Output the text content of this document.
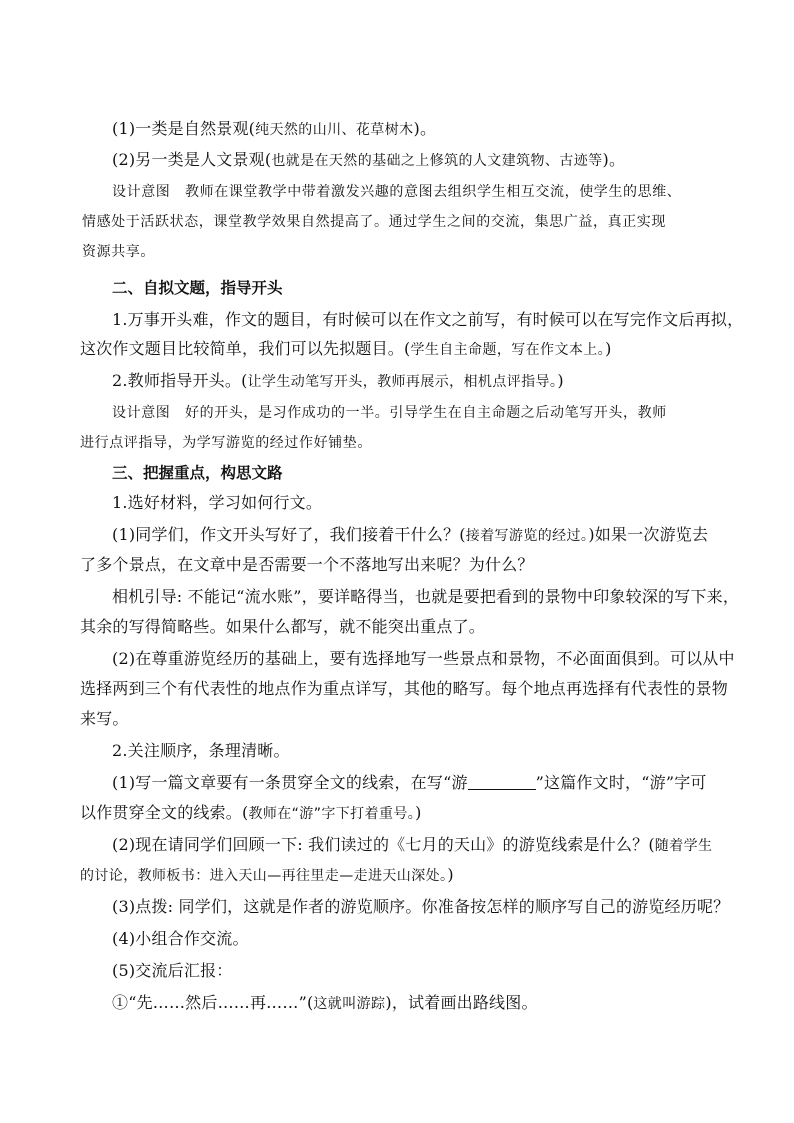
(1)一类是自然景观(纯天然的山川、花草树木)。
(2)另一类是人文景观(也就是在天然的基础之上修筑的人文建筑物、古迹等)。
设计意图　教师在课堂教学中带着激发兴趣的意图去组织学生相互交流，使学生的思维、
情感处于活跃状态，课堂教学效果自然提高了。通过学生之间的交流，集思广益，真正实现
资源共享。
二、自拟文题，指导开头
1.万事开头难，作文的题目，有时候可以在作文之前写，有时候可以在写完作文后再拟，
这次作文题目比较简单，我们可以先拟题目。(学生自主命题，写在作文本上。)
2.教师指导开头。(让学生动笔写开头，教师再展示，相机点评指导。)
设计意图　好的开头，是习作成功的一半。引导学生在自主命题之后动笔写开头，教师
进行点评指导，为学写游览的经过作好铺垫。
三、把握重点，构思文路
1.选好材料，学习如何行文。
(1)同学们，作文开头写好了，我们接着干什么？(接着写游览的经过。)如果一次游览去
了多个景点，在文章中是否需要一个不落地写出来呢？为什么？
相机引导: 不能记“流水账”，要详略得当，也就是要把看到的景物中印象较深的写下来，
其余的写得简略些。如果什么都写，就不能突出重点了。
(2)在尊重游览经历的基础上，要有选择地写一些景点和景物，不必面面俱到。可以从中
选择两到三个有代表性的地点作为重点详写，其他的略写。每个地点再选择有代表性的景物
来写。
2.关注顺序，条理清晰。
(1)写一篇文章要有一条贯穿全文的线索，在写“游	”这篇作文时，“游”字可
以作贯穿全文的线索。(教师在“游”字下打着重号。)
(2)现在请同学们回顾一下: 我们读过的《七月的天山》的游览线索是什么？(随着学生
的讨论，教师板书：进入天山—再往里走—走进天山深处。)
(3)点拨: 同学们，这就是作者的游览顺序。你准备按怎样的顺序写自己的游览经历呢？
(4)小组合作交流。
(5)交流后汇报：
①“先……然后……再……”(这就叫游踪)，试着画出路线图。
